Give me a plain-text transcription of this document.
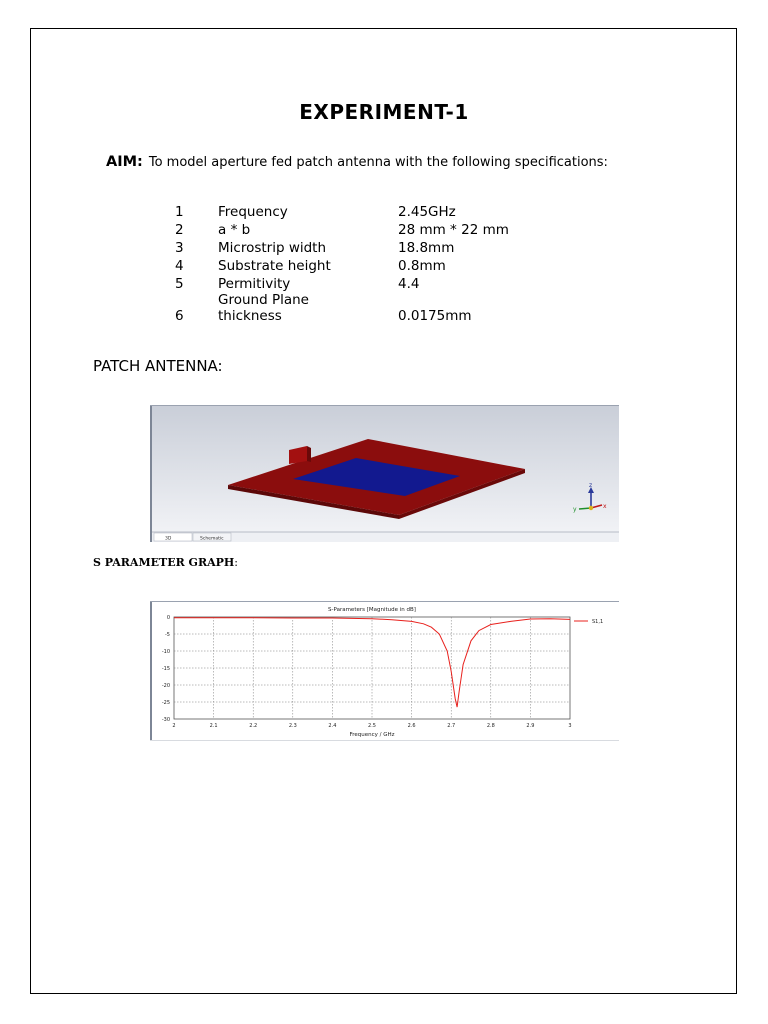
EXPERIMENT-1
AIM: To model aperture fed patch antenna with the following specifications:
1	Frequency	2.45GHz
2	a * b	28 mm * 22 mm
3	Microstrip width	18.8mm
4	Substrate height	0.8mm
5	Permitivity	4.4
Ground Plane
6	thickness	0.0175mm
PATCH ANTENNA:
3D	Schematic
y
z
x
S PARAMETER GRAPH:
S-Parameters [Magnitude in dB]
Frequency / GHz
0
-5
-10
-15
-20
-25
-30
2	2.1	2.2	2.3	2.4	2.5	2.6	2.7	2.8	2.9	3
S1,1
